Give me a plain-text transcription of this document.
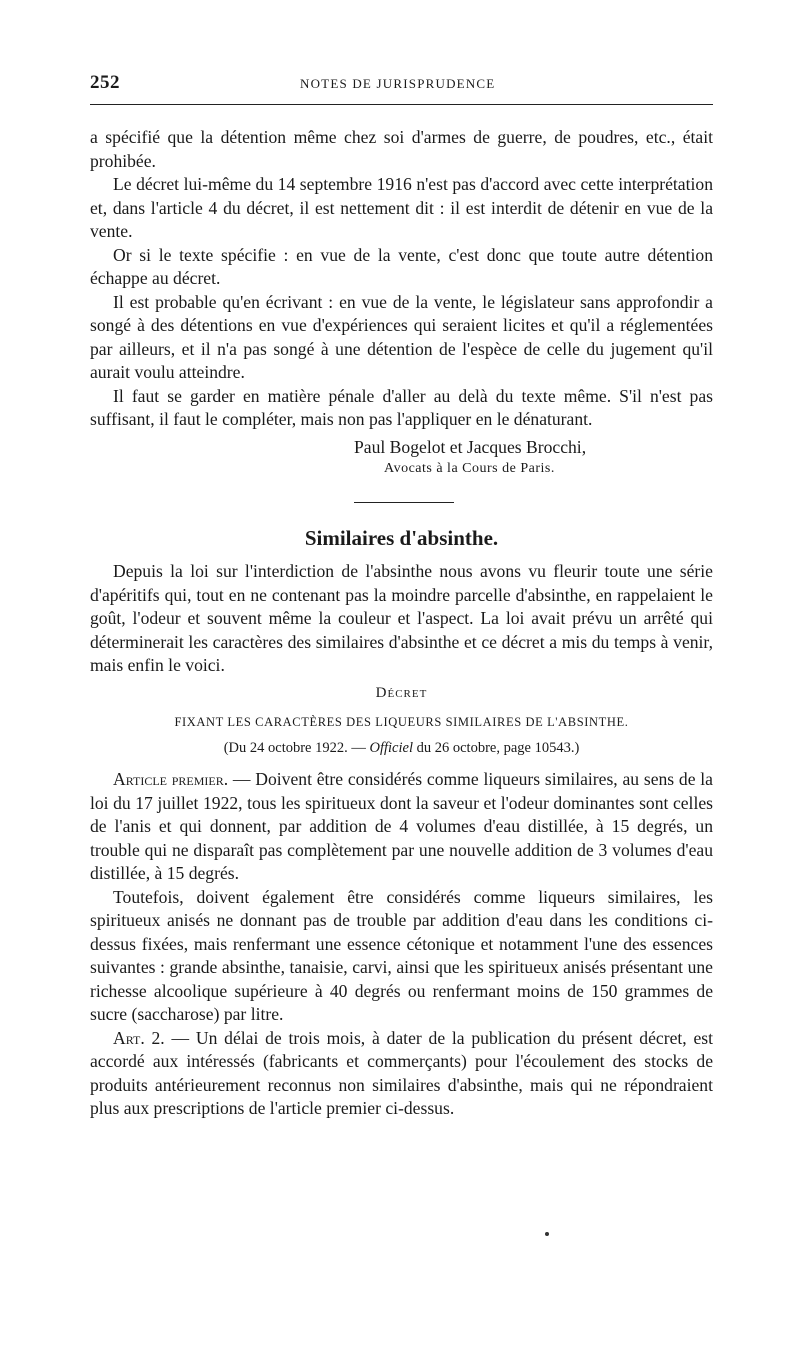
252	NOTES DE JURISPRUDENCE

a spécifié que la détention même chez soi d'armes de guerre, de poudres, etc., était prohibée.

Le décret lui-même du 14 septembre 1916 n'est pas d'accord avec cette interprétation et, dans l'article 4 du décret, il est nettement dit : il est interdit de détenir en vue de la vente.

Or si le texte spécifie : en vue de la vente, c'est donc que toute autre détention échappe au décret.

Il est probable qu'en écrivant : en vue de la vente, le législateur sans approfondir a songé à des détentions en vue d'expériences qui seraient licites et qu'il a réglementées par ailleurs, et il n'a pas songé à une détention de l'espèce de celle du jugement qu'il aurait voulu atteindre.

Il faut se garder en matière pénale d'aller au delà du texte même. S'il n'est pas suffisant, il faut le compléter, mais non pas l'appliquer en le dénaturant.

Paul Bogelot et Jacques Brocchi,

Avocats à la Cours de Paris.

Similaires d'absinthe.

Depuis la loi sur l'interdiction de l'absinthe nous avons vu fleurir toute une série d'apéritifs qui, tout en ne contenant pas la moindre parcelle d'absinthe, en rappelaient le goût, l'odeur et souvent même la couleur et l'aspect. La loi avait prévu un arrêté qui déterminerait les caractères des similaires d'absinthe et ce décret a mis du temps à venir, mais enfin le voici.

Décret

FIXANT LES CARACTÈRES DES LIQUEURS SIMILAIRES DE L'ABSINTHE.

(Du 24 octobre 1922. — Officiel du 26 octobre, page 10543.)

Article premier. — Doivent être considérés comme liqueurs similaires, au sens de la loi du 17 juillet 1922, tous les spiritueux dont la saveur et l'odeur dominantes sont celles de l'anis et qui donnent, par addition de 4 volumes d'eau distillée, à 15 degrés, un trouble qui ne disparaît pas complètement par une nouvelle addition de 3 volumes d'eau distillée, à 15 degrés.

Toutefois, doivent également être considérés comme liqueurs similaires, les spiritueux anisés ne donnant pas de trouble par addition d'eau dans les conditions ci-dessus fixées, mais renfermant une essence cétonique et notamment l'une des essences suivantes : grande absinthe, tanaisie, carvi, ainsi que les spiritueux anisés présentant une richesse alcoolique supérieure à 40 degrés ou renfermant moins de 150 grammes de sucre (saccharose) par litre.

Art. 2. — Un délai de trois mois, à dater de la publication du présent décret, est accordé aux intéressés (fabricants et commerçants) pour l'écoulement des stocks de produits antérieurement reconnus non similaires d'absinthe, mais qui ne répondraient plus aux prescriptions de l'article premier ci-dessus.
